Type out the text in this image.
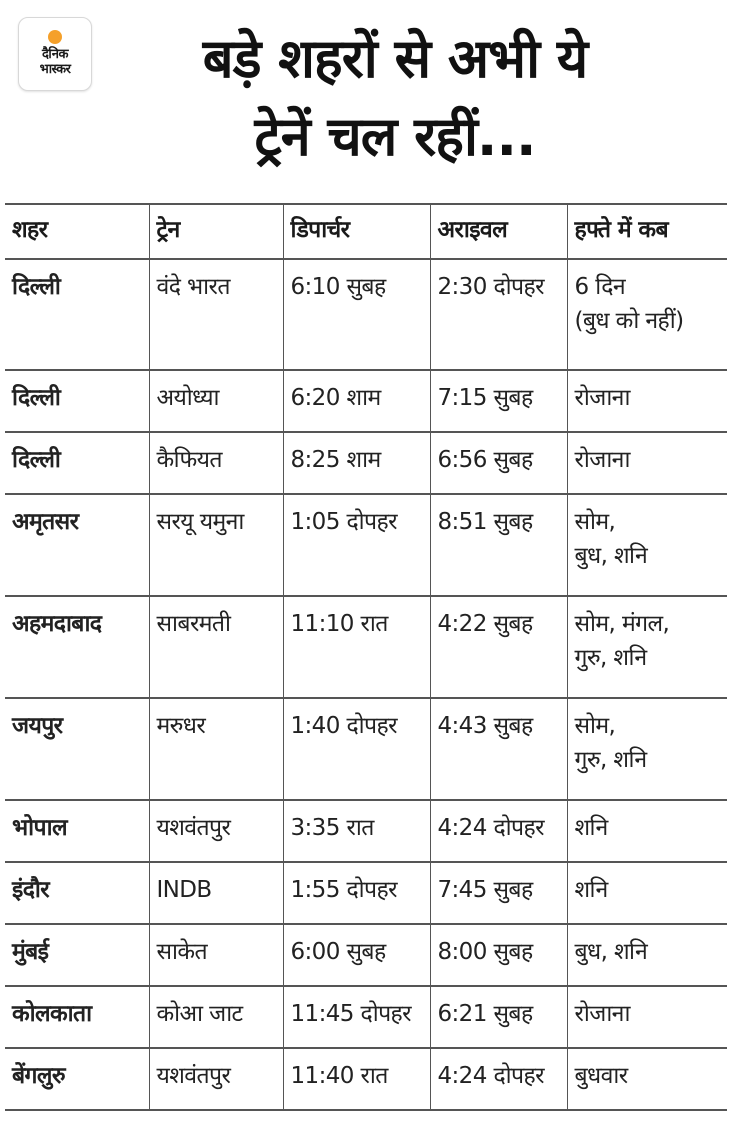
दैनिक
भास्कर	बड़े शहरों से अभी ये
ट्रेनें चल रहीं...
शहर	ट्रेन	डिपार्चर	अराइवल	हफ्ते में कब
दिल्ली	वंदे भारत	6:10 सुबह	2:30 दोपहर	6 दिन
(बुध को नहीं)

दिल्ली	अयोध्या	6:20 शाम	7:15 सुबह	रोजाना

दिल्ली	कैफियत	8:25 शाम	6:56 सुबह	रोजाना

अमृतसर	सरयू यमुना	1:05 दोपहर	8:51 सुबह	सोम,
बुध, शनि

अहमदाबाद	साबरमती	11:10 रात	4:22 सुबह	सोम, मंगल,
गुरु, शनि

जयपुर	मरुधर	1:40 दोपहर	4:43 सुबह	सोम,
गुरु, शनि

भोपाल	यशवंतपुर	3:35 रात	4:24 दोपहर	शनि

इंदौर	INDB	1:55 दोपहर	7:45 सुबह	शनि

मुंबई	साकेत	6:00 सुबह	8:00 सुबह	बुध, शनि

कोलकाता	कोआ जाट	11:45 दोपहर	6:21 सुबह	रोजाना

बेंगलुरु	यशवंतपुर	11:40 रात	4:24 दोपहर	बुधवार
